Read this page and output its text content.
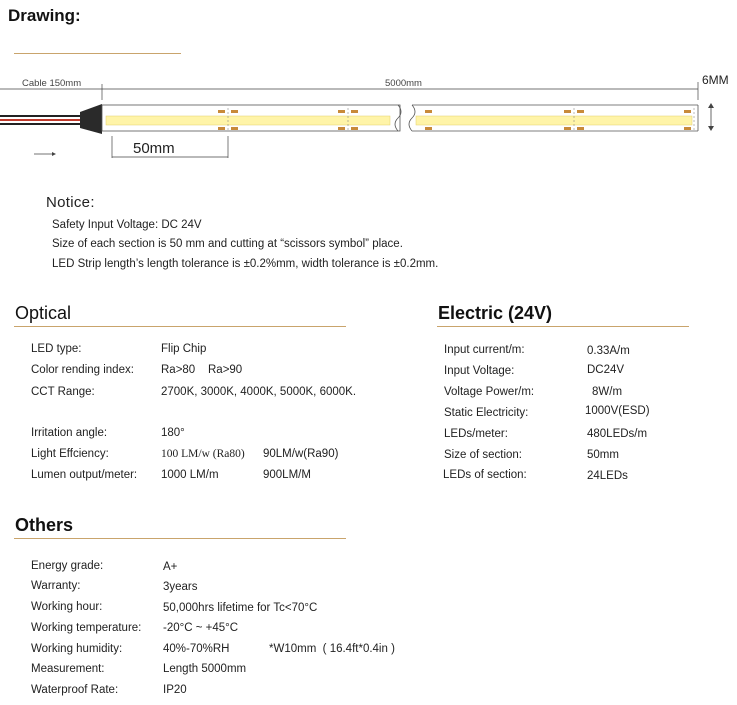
Drawing:
Cable 150mm	5000mm	6MM
50mm
Notice:
Safety Input Voltage: DC 24V
Size of each section is 50 mm and cutting at “scissors symbol” place.
LED Strip length’s length tolerance is ±0.2%mm, width tolerance is ±0.2mm.
Optical
LED type:	Flip Chip
Color rending index: Ra>80    Ra>90
CCT Range:	2700K, 3000K, 4000K, 5000K, 6000K.
Irritation angle:	180°
Light Effciency:	100 LM/w (Ra80) 90LM/w(Ra90)
Lumen output/meter: 1000 LM/m	900LM/M
Electric (24V)
Input current/m:	0.33A/m
Input Voltage:	DC24V
Voltage Power/m:	8W/m
Static Electricity:	1000V(ESD)
LEDs/meter:	480LEDs/m
Size of section:	50mm
LEDs of section:	24LEDs
Others
Energy grade:	A+
Warranty:	3years
Working hour:	50,000hrs lifetime for Tc<70°C
Working temperature: -20°C ~ +45°C
Working humidity:	40%-70%RH	*W10mm  ( 16.4ft*0.4in )
Measurement:	Length 5000mm
Waterproof Rate:	IP20
